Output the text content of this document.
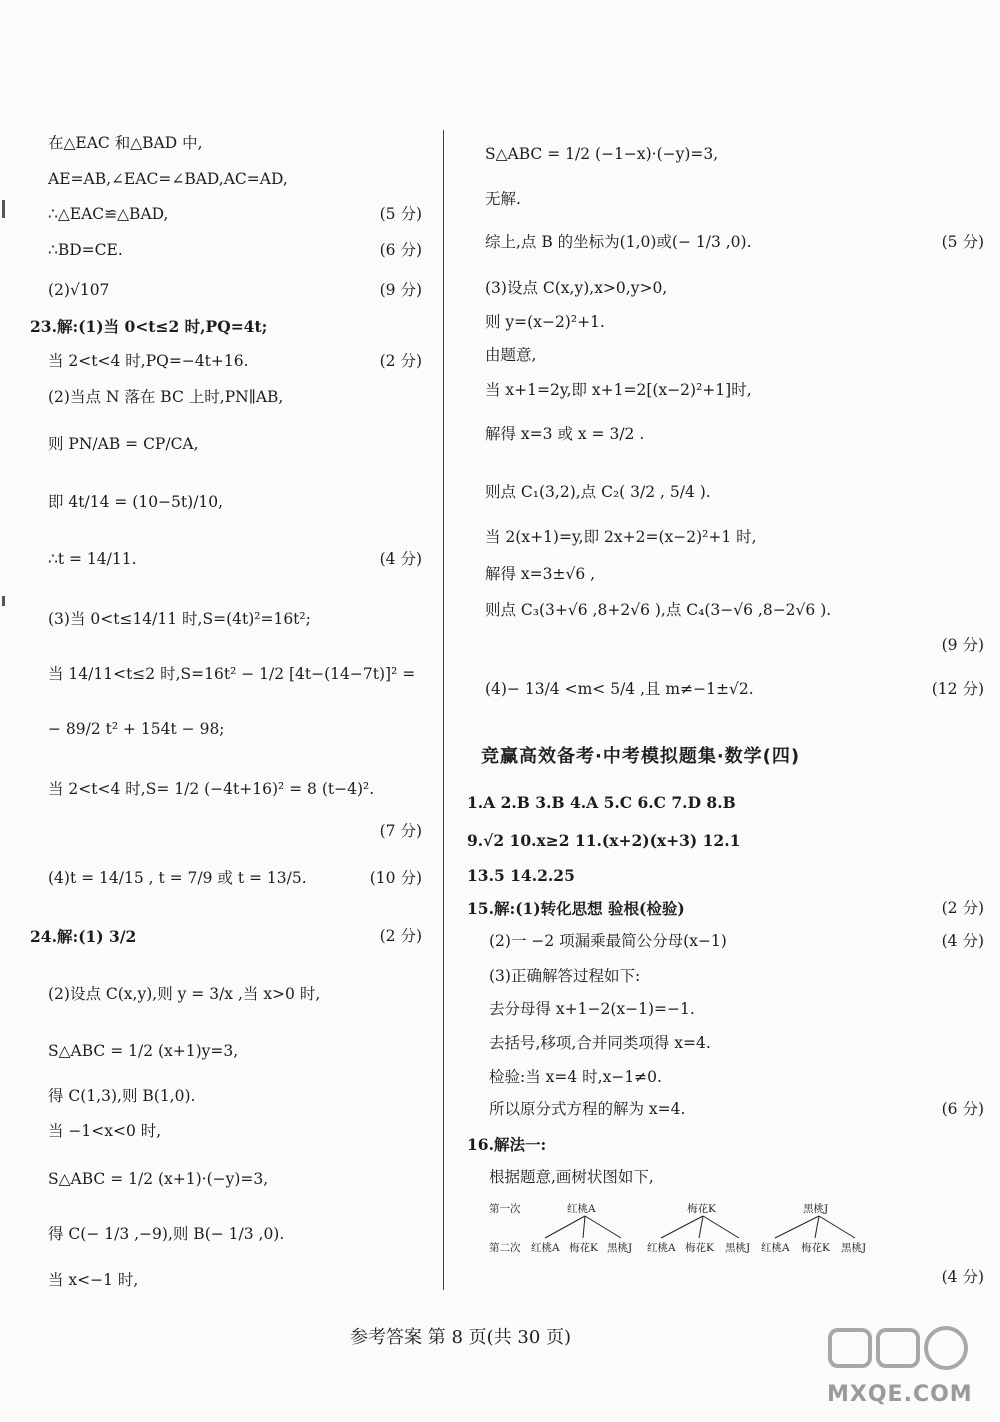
在△EAC 和△BAD 中,
AE=AB,∠EAC=∠BAD,AC=AD,
∴△EAC≌△BAD,	(5 分)
∴BD=CE.	(6 分)
(2)√107	(9 分)
23.解:(1)当 0<t≤2 时,PQ=4t;
当 2<t<4 时,PQ=−4t+16.	(2 分)
(2)当点 N 落在 BC 上时,PN∥AB,
则 PN/AB = CP/CA,
即 4t/14 = (10−5t)/10,
∴t = 14/11.	(4 分)
(3)当 0<t≤14/11 时,S=(4t)²=16t²;
当 14/11<t≤2 时,S=16t² − 1/2 [4t−(14−7t)]² =
− 89/2 t² + 154t − 98;
当 2<t<4 时,S= 1/2 (−4t+16)² = 8 (t−4)².
(7 分)
(4)t = 14/15 , t = 7/9 或 t = 13/5.	(10 分)
24.解:(1) 3/2	(2 分)
(2)设点 C(x,y),则 y = 3/x ,当 x>0 时,
S△ABC = 1/2 (x+1)y=3,
得 C(1,3),则 B(1,0).
当 −1<x<0 时,
S△ABC = 1/2 (x+1)·(−y)=3,
得 C(− 1/3 ,−9),则 B(− 1/3 ,0).
当 x<−1 时,
S△ABC = 1/2 (−1−x)·(−y)=3,
无解.
综上,点 B 的坐标为(1,0)或(− 1/3 ,0).	(5 分)
(3)设点 C(x,y),x>0,y>0,
则 y=(x−2)²+1.
由题意,
当 x+1=2y,即 x+1=2[(x−2)²+1]时,
解得 x=3 或 x = 3/2 .
则点 C₁(3,2),点 C₂( 3/2 , 5/4 ).
当 2(x+1)=y,即 2x+2=(x−2)²+1 时,
解得 x=3±√6 ,
则点 C₃(3+√6 ,8+2√6 ),点 C₄(3−√6 ,8−2√6 ).
(9 分)
(4)− 13/4 <m< 5/4 ,且 m≠−1±√2.	(12 分)
竞赢高效备考·中考模拟题集·数学(四)
1.A 2.B 3.B 4.A 5.C 6.C 7.D 8.B
9.√2 10.x≥2 11.(x+2)(x+3) 12.1
13.5 14.2.25
15.解:(1)转化思想 验根(检验)	(2 分)
(2)一 −2 项漏乘最简公分母(x−1)	(4 分)
(3)正确解答过程如下:
去分母得 x+1−2(x−1)=−1.
去括号,移项,合并同类项得 x=4.
检验:当 x=4 时,x−1≠0.
所以原分式方程的解为 x=4.	(6 分)
16.解法一:
根据题意,画树状图如下,
第一次
第二次
红桃A
红桃A 梅花K 黑桃J
梅花K
红桃A 梅花K 黑桃J
黑桃J
红桃A 梅花K 黑桃J
(4 分)
参考答案 第 8 页(共 30 页)
MXQE.COM
